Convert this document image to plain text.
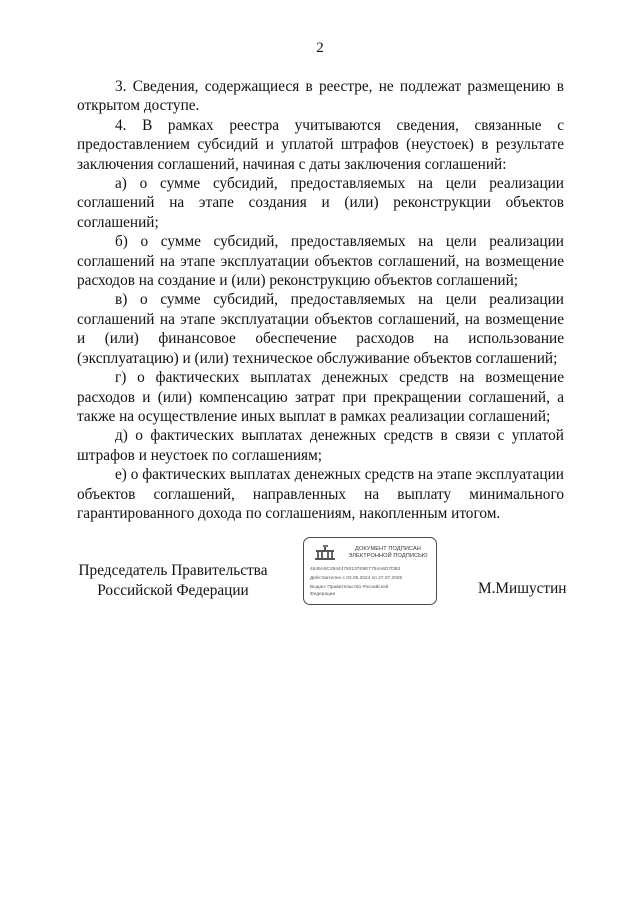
2

3. Сведения, содержащиеся в реестре, не подлежат размещению в открытом доступе.

4. В рамках реестра учитываются сведения, связанные с предоставлением субсидий и уплатой штрафов (неустоек) в результате заключения соглашений, начиная с даты заключения соглашений:

а) о сумме субсидий, предоставляемых на цели реализации соглашений на этапе создания и (или) реконструкции объектов соглашений;

б) о сумме субсидий, предоставляемых на цели реализации соглашений на этапе эксплуатации объектов соглашений, на возмещение расходов на создание и (или) реконструкцию объектов соглашений;

в) о сумме субсидий, предоставляемых на цели реализации соглашений на этапе эксплуатации объектов соглашений, на возмещение и (или) финансовое обеспечение расходов на использование (эксплуатацию) и (или) техническое обслуживание объектов соглашений;

г) о фактических выплатах денежных средств на возмещение расходов и (или) компенсацию затрат при прекращении соглашений, а также на осуществление иных выплат в рамках реализации соглашений;

д) о фактических выплатах денежных средств в связи с уплатой штрафов и неустоек по соглашениям;

е) о фактических выплатах денежных средств на этапе эксплуатации объектов соглашений, направленных на выплату минимального гарантированного дохода по соглашениям, накопленным итогом.

Председатель Правительства
Российской Федерации
ДОКУМЕНТ ПОДПИСАН ЭЛЕКТРОННОЙ ПОДПИСЬЮ
4645A6C29444760137E9E7754A6D7DB3
Действителен с 03.05.2024 по 27.07.2025
Выдан: Правительство Российской
Федерации	М.Мишустин
